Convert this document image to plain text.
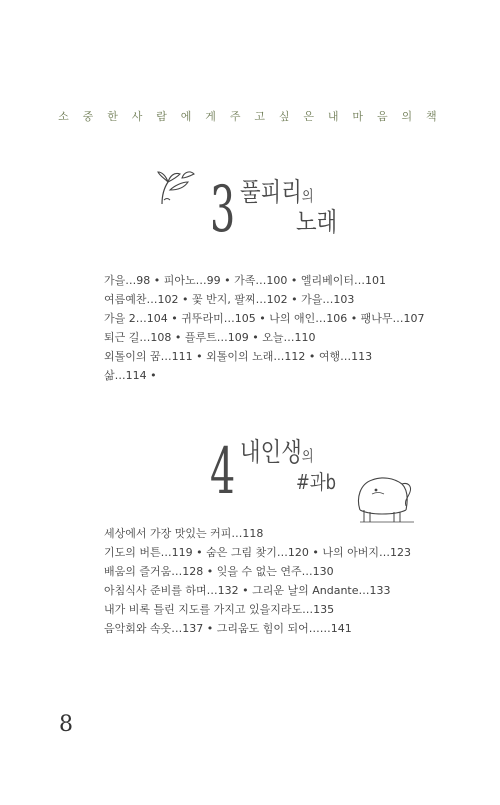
소 중 한 사 람 에 게 주 고 싶 은 내 마 음 의 책
3 풀피리의
노래
가을…98 • 피아노…99 • 가족…100 • 엘리베이터…101
여름예찬…102 • 꽃 반지, 팔찌…102 • 가을…103
가을 2…104 • 귀뚜라미…105 • 나의 애인…106 • 팽나무…107
퇴근 길…108 • 플루트…109 • 오늘…110
외톨이의 꿈…111 • 외톨이의 노래…112 • 여행…113
삶…114 •
4 내인생의
#과b
세상에서 가장 맛있는 커피…118
기도의 버튼…119 • 숨은 그림 찾기…120 • 나의 아버지…123
배움의 즐거움…128 • 잊을 수 없는 연주…130
아침식사 준비를 하며…132 • 그리운 날의 Andante…133
내가 비록 틀린 지도를 가지고 있을지라도…135
음악회와 속옷…137 • 그리움도 힘이 되어……141
8
